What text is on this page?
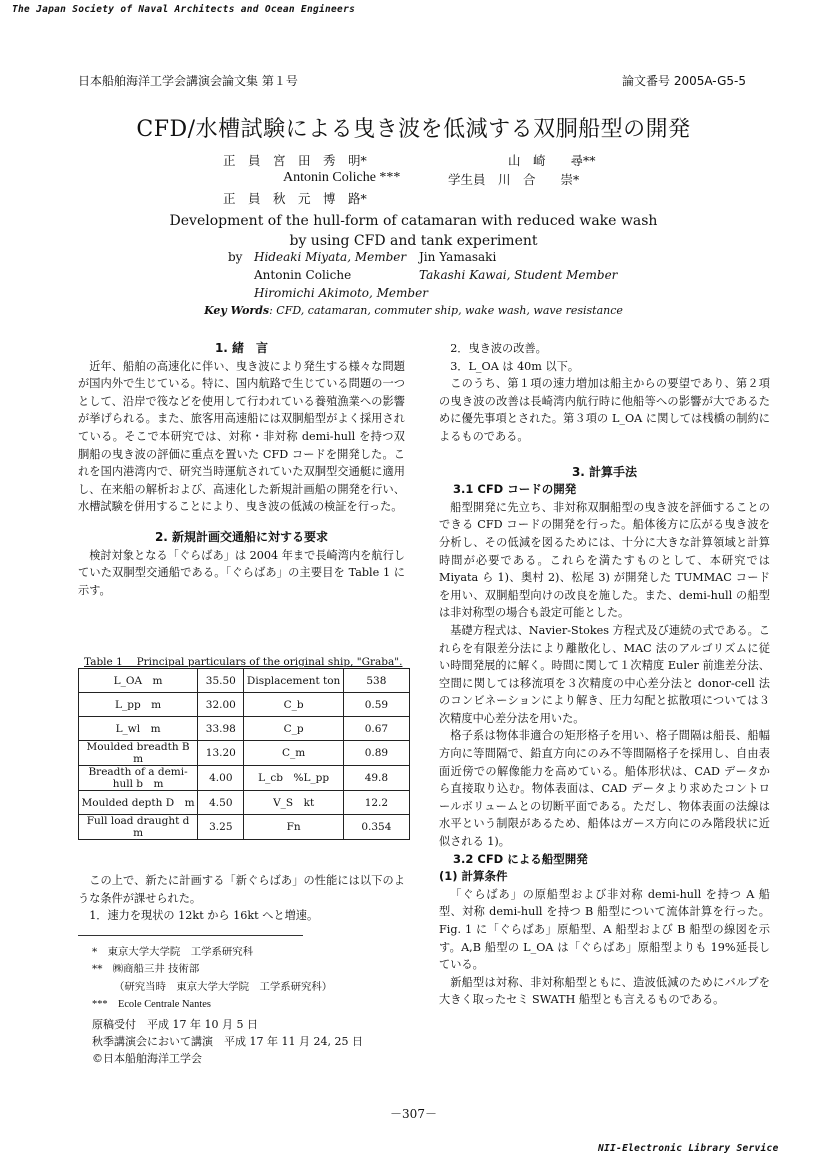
The Japan Society of Naval Architects and Ocean Engineers
日本船舶海洋工学会講演会論文集 第１号	論文番号 2005A-G5-5
CFD/水槽試験による曳き波を低減する双胴船型の開発
正　員　宮　田　秀　明*	山　崎　　尋**
Antonin Coliche ***	学生員　川　合　　崇*
正　員　秋　元　博　路*
Development of the hull-form of catamaran with reduced wake wash
by using CFD and tank experiment
by Hideaki Miyata, Member	Jin Yamasaki
Antonin Coliche	Takashi Kawai, Student Member
Hiromichi Akimoto, Member
Key Words: CFD, catamaran, commuter ship, wake wash, wave resistance
1. 緒　言

近年、船舶の高速化に伴い、曳き波により発生する様々な問題が国内外で生じている。特に、国内航路で生じている問題の一つとして、沿岸で筏などを使用して行われている養殖漁業への影響が挙げられる。また、旅客用高速船には双胴船型がよく採用されている。そこで本研究では、対称・非対称 demi-hull を持つ双胴船の曳き波の評価に重点を置いた CFD コードを開発した。これを国内港湾内で、研究当時運航されていた双胴型交通艇に適用し、在来船の解析および、高速化した新規計画船の開発を行い、水槽試験を併用することにより、曳き波の低減の検証を行った。

2. 新規計画交通船に対する要求

検討対象となる「ぐらばあ」は 2004 年まで長崎湾内を航行していた双胴型交通船である。「ぐらばあ」の主要目を Table 1 に示す。

Table 1　 Principal particulars of the original ship, "Graba".
L_OA　m	35.50	Displacement ton	538
L_pp　m	32.00	C_b	0.59
L_wl　m	33.98	C_p	0.67
Moulded breadth B　m	13.20	C_m	0.89
Breadth of a demi-hull b　m	4.00	L_cb　%L_pp	49.8
Moulded depth D　m	4.50	V_S　kt	12.2
Full load draught d　m	3.25	Fn	0.354

この上で、新たに計画する「新ぐらばあ」の性能には以下のような条件が課せられた。

1．速力を現状の 12kt から 16kt へと増速。

*　東京大学大学院　工学系研究科
**　㈱商船三井 技術部
（研究当時　東京大学大学院　工学系研究科）
***　Ecole Centrale Nantes
原稿受付　平成 17 年 10 月 5 日
秋季講演会において講演　平成 17 年 11 月 24, 25 日
©日本船舶海洋工学会

2．曳き波の改善。

3．L_OA は 40m 以下。

このうち、第１項の速力増加は船主からの要望であり、第２項の曳き波の改善は長崎湾内航行時に他船等への影響が大であるために優先事項とされた。第３項の L_OA に関しては桟橋の制約によるものである。

3. 計算手法
3.1 CFD コードの開発

船型開発に先立ち、非対称双胴船型の曳き波を評価することのできる CFD コードの開発を行った。船体後方に広がる曳き波を分析し、その低減を図るためには、十分に大きな計算領域と計算時間が必要である。これらを満たすものとして、本研究では Miyata ら 1)、奥村 2)、松尾 3) が開発した TUMMAC コードを用い、双胴船型向けの改良を施した。また、demi-hull の船型は非対称型の場合も設定可能とした。

基礎方程式は、Navier-Stokes 方程式及び連続の式である。これらを有限差分法により離散化し、MAC 法のアルゴリズムに従い時間発展的に解く。時間に関して１次精度 Euler 前進差分法、空間に関しては移流項を３次精度の中心差分法と donor-cell 法のコンビネーションにより解き、圧力勾配と拡散項については３次精度中心差分法を用いた。

格子系は物体非適合の矩形格子を用い、格子間隔は船長、船幅方向に等間隔で、鉛直方向にのみ不等間隔格子を採用し、自由表面近傍での解像能力を高めている。船体形状は、CAD データから直接取り込む。物体表面は、CAD データより求めたコントロールボリュームとの切断平面である。ただし、物体表面の法線は水平という制限があるため、船体はガース方向にのみ階段状に近似される 1)。

3.2 CFD による船型開発
(1) 計算条件

「ぐらばあ」の原船型および非対称 demi-hull を持つ A 船型、対称 demi-hull を持つ B 船型について流体計算を行った。Fig. 1 に「ぐらばあ」原船型、A 船型および B 船型の線図を示す。A,B 船型の L_OA は「ぐらばあ」原船型よりも 19%延長している。

新船型は対称、非対称船型ともに、造波低減のためにバルブを大きく取ったセミ SWATH 船型とも言えるものである。

－307－
NII-Electronic Library Service
